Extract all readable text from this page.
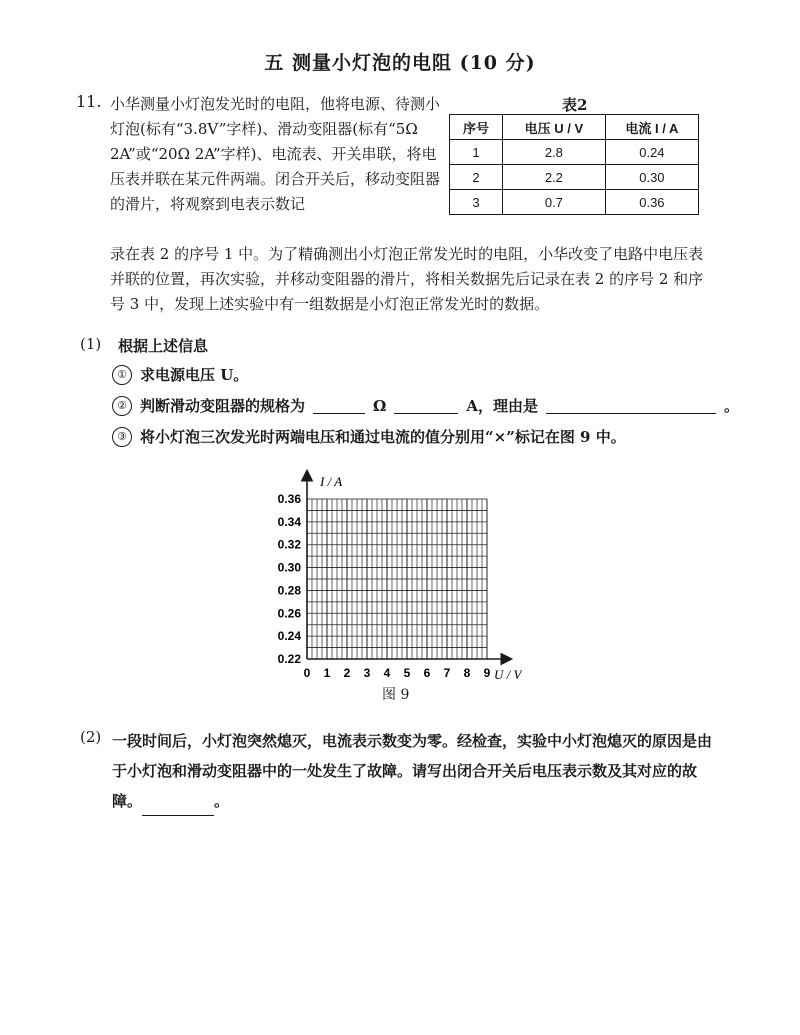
五 测量小灯泡的电阻 (10 分)
11. 小华测量小灯泡发光时的电阻，他将电源、待测小灯泡(标有“3.8V”字样)、滑动变阻器(标有“5Ω 2A”或“20Ω 2A”字样)、电流表、开关串联，将电压表并联在某元件两端。闭合开关后，移动变阻器的滑片，将观察到电表示数记
录在表 2 的序号 1 中。为了精确测出小灯泡正常发光时的电阻，小华改变了电路中电压表并联的位置，再次实验，并移动变阻器的滑片，将相关数据先后记录在表 2 的序号 2 和序号 3 中，发现上述实验中有一组数据是小灯泡正常发光时的数据。
表2
序号	电压 U / V	电流 I / A
1	2.8	0.24
2	2.2	0.30
3	0.7	0.36
(1) 根据上述信息
① 求电源电压 U。
② 判断滑动变阻器的规格为	Ω	A，理由是	。
③ 将小灯泡三次发光时两端电压和通过电流的值分别用“×”标记在图 9 中。
0 1 2 3 4 5 6 7 8 9
0.22
0.24
0.26
0.28
0.30
0.32
0.34
0.36
I / A
U / V
图 9
(2) 一段时间后，小灯泡突然熄灭，电流表示数变为零。经检查，实验中小灯泡熄灭的原因是由于小灯泡和滑动变阻器中的一处发生了故障。请写出闭合开关后电压表示数及其对应的故障。	。
